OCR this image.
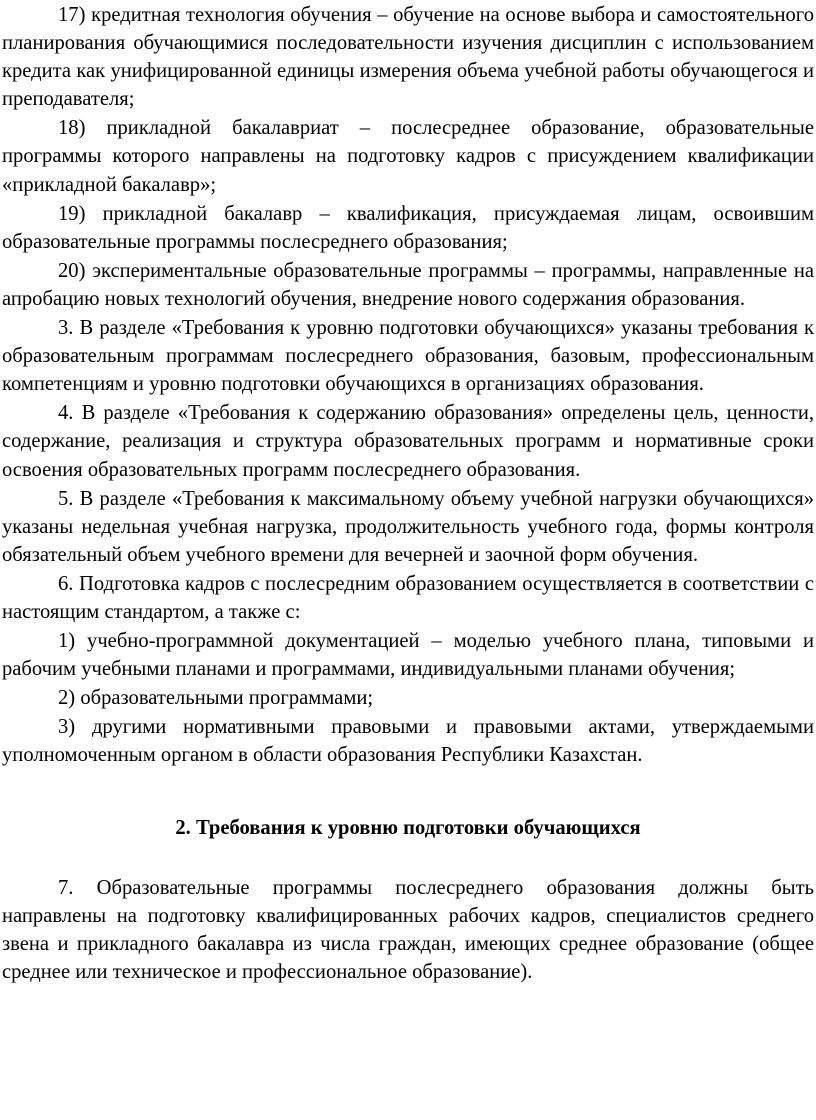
17) кредитная технология обучения – обучение на основе выбора и самостоятельного планирования обучающимися последовательности изучения дисциплин с использованием кредита как унифицированной единицы измерения объема учебной работы обучающегося и преподавателя;

18) прикладной бакалавриат – послесреднее образование, образовательные программы которого направлены на подготовку кадров с присуждением квалификации «прикладной бакалавр»;

19) прикладной бакалавр – квалификация, присуждаемая лицам, освоившим образовательные программы послесреднего образования;

20) экспериментальные образовательные программы – программы, направленные на апробацию новых технологий обучения, внедрение нового содержания образования.

3. В разделе «Требования к уровню подготовки обучающихся» указаны требования к образовательным программам послесреднего образования, базовым, профессиональным компетенциям и уровню подготовки обучающихся в организациях образования.

4. В разделе «Требования к содержанию образования» определены цель, ценности, содержание, реализация и структура образовательных программ и нормативные сроки освоения образовательных программ послесреднего образования.

5. В разделе «Требования к максимальному объему учебной нагрузки обучающихся» указаны недельная учебная нагрузка, продолжительность учебного года, формы контроля обязательный объем учебного времени для вечерней и заочной форм обучения.

6. Подготовка кадров с послесредним образованием осуществляется в соответствии с настоящим стандартом, а также с:

1) учебно-программной документацией – моделью учебного плана, типовыми и рабочим учебными планами и программами, индивидуальными планами обучения;

2) образовательными программами;

3) другими нормативными правовыми и правовыми актами, утверждаемыми уполномоченным органом в области образования Республики Казахстан.

2. Требования к уровню подготовки обучающихся

7. Образовательные программы послесреднего образования должны быть направлены на подготовку квалифицированных рабочих кадров, специалистов среднего звена и прикладного бакалавра из числа граждан, имеющих среднее образование (общее среднее или техническое и профессиональное образование).
